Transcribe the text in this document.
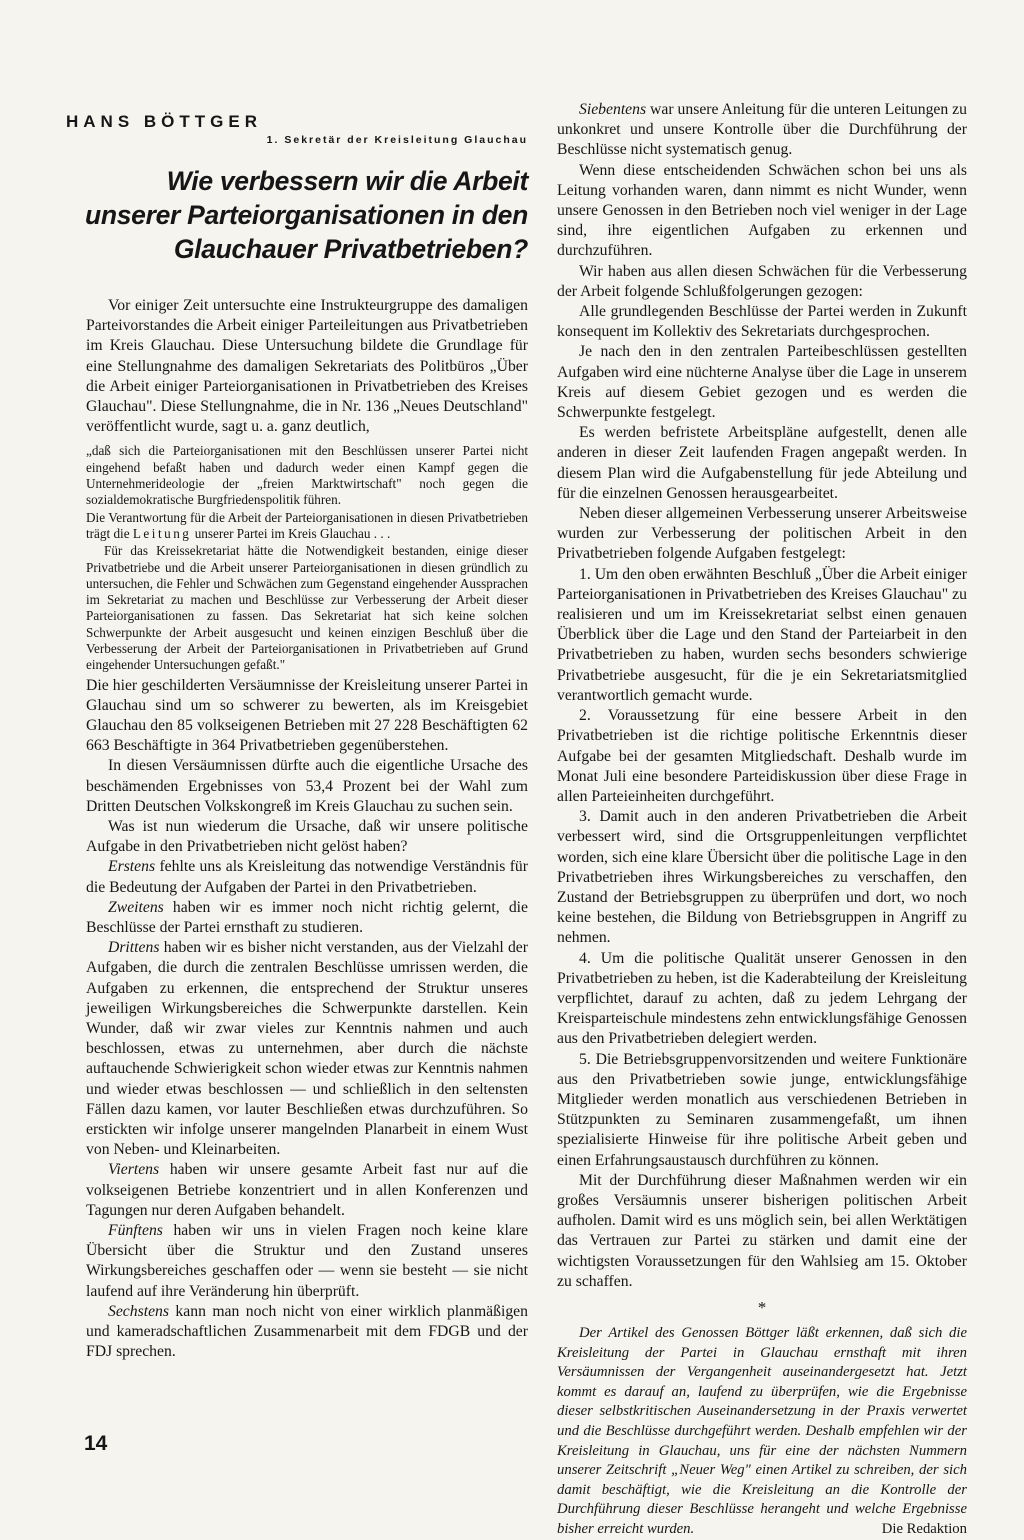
HANS BÖTTGER
1. Sekretär der Kreisleitung Glauchau
Wie verbessern wir die Arbeit unserer Parteiorganisationen in den Glauchauer Privatbetrieben?

Vor einiger Zeit untersuchte eine Instrukteurgruppe des damaligen Parteivorstandes die Arbeit einiger Parteileitungen aus Privatbetrieben im Kreis Glauchau. Diese Untersuchung bildete die Grundlage für eine Stellungnahme des damaligen Sekretariats des Politbüros „Über die Arbeit einiger Parteiorganisationen in Privatbetrieben des Kreises Glauchau". Diese Stellungnahme, die in Nr. 136 „Neues Deutschland" veröffentlicht wurde, sagt u. a. ganz deutlich,

„daß sich die Parteiorganisationen mit den Beschlüssen unserer Partei nicht eingehend befaßt haben und dadurch weder einen Kampf gegen die Unternehmerideologie der „freien Marktwirtschaft" noch gegen die sozialdemokratische Burgfriedenspolitik führen.

Die Verantwortung für die Arbeit der Parteiorganisationen in diesen Privatbetrieben trägt die Leitung unserer Partei im Kreis Glauchau . . .

Für das Kreissekretariat hätte die Notwendigkeit bestanden, einige dieser Privatbetriebe und die Arbeit unserer Parteiorganisationen in diesen gründlich zu untersuchen, die Fehler und Schwächen zum Gegenstand eingehender Aussprachen im Sekretariat zu machen und Beschlüsse zur Verbesserung der Arbeit dieser Parteiorganisationen zu fassen. Das Sekretariat hat sich keine solchen Schwerpunkte der Arbeit ausgesucht und keinen einzigen Beschluß über die Verbesserung der Arbeit der Parteiorganisationen in Privatbetrieben auf Grund eingehender Untersuchungen gefaßt."

Die hier geschilderten Versäumnisse der Kreisleitung unserer Partei in Glauchau sind um so schwerer zu bewerten, als im Kreisgebiet Glauchau den 85 volkseigenen Betrieben mit 27 228 Beschäftigten 62 663 Beschäftigte in 364 Privatbetrieben gegenüberstehen.

In diesen Versäumnissen dürfte auch die eigentliche Ursache des beschämenden Ergebnisses von 53,4 Prozent bei der Wahl zum Dritten Deutschen Volkskongreß im Kreis Glauchau zu suchen sein.

Was ist nun wiederum die Ursache, daß wir unsere politische Aufgabe in den Privatbetrieben nicht gelöst haben?

Erstens fehlte uns als Kreisleitung das notwendige Verständnis für die Bedeutung der Aufgaben der Partei in den Privatbetrieben.

Zweitens haben wir es immer noch nicht richtig gelernt, die Beschlüsse der Partei ernsthaft zu studieren.

Drittens haben wir es bisher nicht verstanden, aus der Vielzahl der Aufgaben, die durch die zentralen Beschlüsse umrissen werden, die Aufgaben zu erkennen, die entsprechend der Struktur unseres jeweiligen Wirkungsbereiches die Schwerpunkte darstellen. Kein Wunder, daß wir zwar vieles zur Kenntnis nahmen und auch beschlossen, etwas zu unternehmen, aber durch die nächste auftauchende Schwierigkeit schon wieder etwas zur Kenntnis nahmen und wieder etwas beschlossen — und schließlich in den seltensten Fällen dazu kamen, vor lauter Beschließen etwas durchzuführen. So erstickten wir infolge unserer mangelnden Planarbeit in einem Wust von Neben- und Kleinarbeiten.

Viertens haben wir unsere gesamte Arbeit fast nur auf die volkseigenen Betriebe konzentriert und in allen Konferenzen und Tagungen nur deren Aufgaben behandelt.

Fünftens haben wir uns in vielen Fragen noch keine klare Übersicht über die Struktur und den Zustand unseres Wirkungsbereiches geschaffen oder — wenn sie besteht — sie nicht laufend auf ihre Veränderung hin überprüft.

Sechstens kann man noch nicht von einer wirklich planmäßigen und kameradschaftlichen Zusammenarbeit mit dem FDGB und der FDJ sprechen.

Siebentens war unsere Anleitung für die unteren Leitungen zu unkonkret und unsere Kontrolle über die Durchführung der Beschlüsse nicht systematisch genug.

Wenn diese entscheidenden Schwächen schon bei uns als Leitung vorhanden waren, dann nimmt es nicht Wunder, wenn unsere Genossen in den Betrieben noch viel weniger in der Lage sind, ihre eigentlichen Aufgaben zu erkennen und durchzuführen.

Wir haben aus allen diesen Schwächen für die Verbesserung der Arbeit folgende Schlußfolgerungen gezogen:

Alle grundlegenden Beschlüsse der Partei werden in Zukunft konsequent im Kollektiv des Sekretariats durchgesprochen.

Je nach den in den zentralen Parteibeschlüssen gestellten Aufgaben wird eine nüchterne Analyse über die Lage in unserem Kreis auf diesem Gebiet gezogen und es werden die Schwerpunkte festgelegt.

Es werden befristete Arbeitspläne aufgestellt, denen alle anderen in dieser Zeit laufenden Fragen angepaßt werden. In diesem Plan wird die Aufgabenstellung für jede Abteilung und für die einzelnen Genossen herausgearbeitet.

Neben dieser allgemeinen Verbesserung unserer Arbeitsweise wurden zur Verbesserung der politischen Arbeit in den Privatbetrieben folgende Aufgaben festgelegt:

1. Um den oben erwähnten Beschluß „Über die Arbeit einiger Parteiorganisationen in Privatbetrieben des Kreises Glauchau" zu realisieren und um im Kreissekretariat selbst einen genauen Überblick über die Lage und den Stand der Parteiarbeit in den Privatbetrieben zu haben, wurden sechs besonders schwierige Privatbetriebe ausgesucht, für die je ein Sekretariatsmitglied verantwortlich gemacht wurde.

2. Voraussetzung für eine bessere Arbeit in den Privatbetrieben ist die richtige politische Erkenntnis dieser Aufgabe bei der gesamten Mitgliedschaft. Deshalb wurde im Monat Juli eine besondere Parteidiskussion über diese Frage in allen Parteieinheiten durchgeführt.

3. Damit auch in den anderen Privatbetrieben die Arbeit verbessert wird, sind die Ortsgruppenleitungen verpflichtet worden, sich eine klare Übersicht über die politische Lage in den Privatbetrieben ihres Wirkungsbereiches zu verschaffen, den Zustand der Betriebsgruppen zu überprüfen und dort, wo noch keine bestehen, die Bildung von Betriebsgruppen in Angriff zu nehmen.

4. Um die politische Qualität unserer Genossen in den Privatbetrieben zu heben, ist die Kaderabteilung der Kreisleitung verpflichtet, darauf zu achten, daß zu jedem Lehrgang der Kreisparteischule mindestens zehn entwicklungsfähige Genossen aus den Privatbetrieben delegiert werden.

5. Die Betriebsgruppenvorsitzenden und weitere Funktionäre aus den Privatbetrieben sowie junge, entwicklungsfähige Mitglieder werden monatlich aus verschiedenen Betrieben in Stützpunkten zu Seminaren zusammengefaßt, um ihnen spezialisierte Hinweise für ihre politische Arbeit geben und einen Erfahrungsaustausch durchführen zu können.

Mit der Durchführung dieser Maßnahmen werden wir ein großes Versäumnis unserer bisherigen politischen Arbeit aufholen. Damit wird es uns möglich sein, bei allen Werktätigen das Vertrauen zur Partei zu stärken und damit eine der wichtigsten Voraussetzungen für den Wahlsieg am 15. Oktober zu schaffen.

*

Der Artikel des Genossen Böttger läßt erkennen, daß sich die Kreisleitung der Partei in Glauchau ernsthaft mit ihren Versäumnissen der Vergangenheit auseinandergesetzt hat. Jetzt kommt es darauf an, laufend zu überprüfen, wie die Ergebnisse dieser selbstkritischen Auseinandersetzung in der Praxis verwertet und die Beschlüsse durchgeführt werden. Deshalb empfehlen wir der Kreisleitung in Glauchau, uns für eine der nächsten Nummern unserer Zeitschrift „Neuer Weg" einen Artikel zu schreiben, der sich damit beschäftigt, wie die Kreisleitung an die Kontrolle der Durchführung dieser Beschlüsse herangeht und welche Ergebnisse bisher erreicht wurden.	Die Redaktion

14
